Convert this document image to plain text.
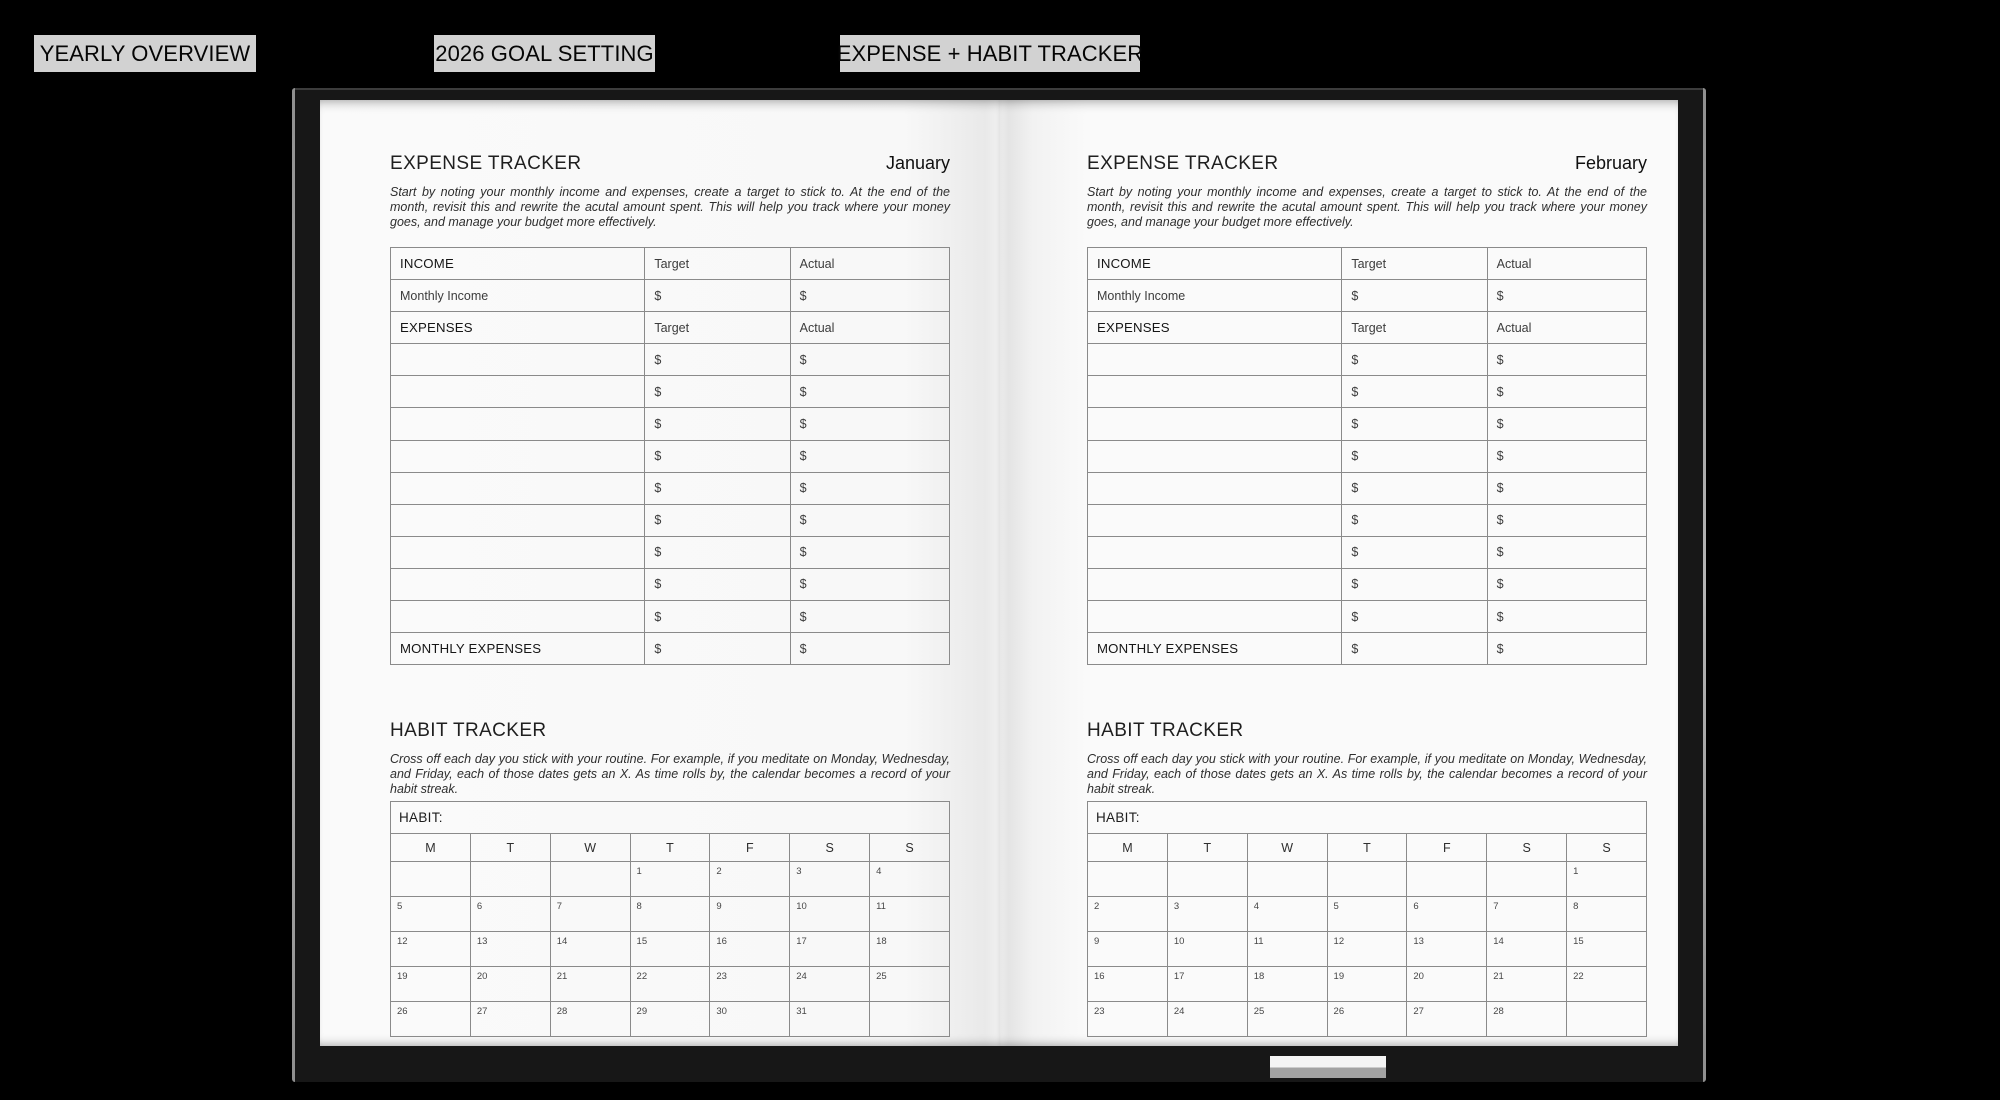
YEARLY OVERVIEW	2026 GOAL SETTING	EXPENSE + HABIT TRACKER
EXPENSE TRACKER	January

Start by noting your monthly income and expenses, create a target to stick to. At the end of the month, revisit this and rewrite the acutal amount spent. This will help you track where your money goes, and manage your budget more effectively.

INCOME	Target	Actual
Monthly Income	$	$
EXPENSES	Target	Actual
	$	$
	$	$
	$	$
	$	$
	$	$
	$	$
	$	$
	$	$
	$	$
MONTHLY EXPENSES	$	$
HABIT TRACKER

Cross off each day you stick with your routine. For example, if you meditate on Monday, Wednesday, and Friday, each of those dates gets an X. As time rolls by, the calendar becomes a record of your habit streak.

HABIT:						
M	T	W	T	F	S	S
			1	2	3	4
5	6	7	8	9	10	11
12	13	14	15	16	17	18
19	20	21	22	23	24	25
26	27	28	29	30	31	
EXPENSE TRACKER	February

Start by noting your monthly income and expenses, create a target to stick to. At the end of the month, revisit this and rewrite the acutal amount spent. This will help you track where your money goes, and manage your budget more effectively.

INCOME	Target	Actual
Monthly Income	$	$
EXPENSES	Target	Actual
	$	$
	$	$
	$	$
	$	$
	$	$
	$	$
	$	$
	$	$
	$	$
MONTHLY EXPENSES	$	$
HABIT TRACKER

Cross off each day you stick with your routine. For example, if you meditate on Monday, Wednesday, and Friday, each of those dates gets an X. As time rolls by, the calendar becomes a record of your habit streak.

HABIT:						
M	T	W	T	F	S	S
						1
2	3	4	5	6	7	8
9	10	11	12	13	14	15
16	17	18	19	20	21	22
23	24	25	26	27	28	
